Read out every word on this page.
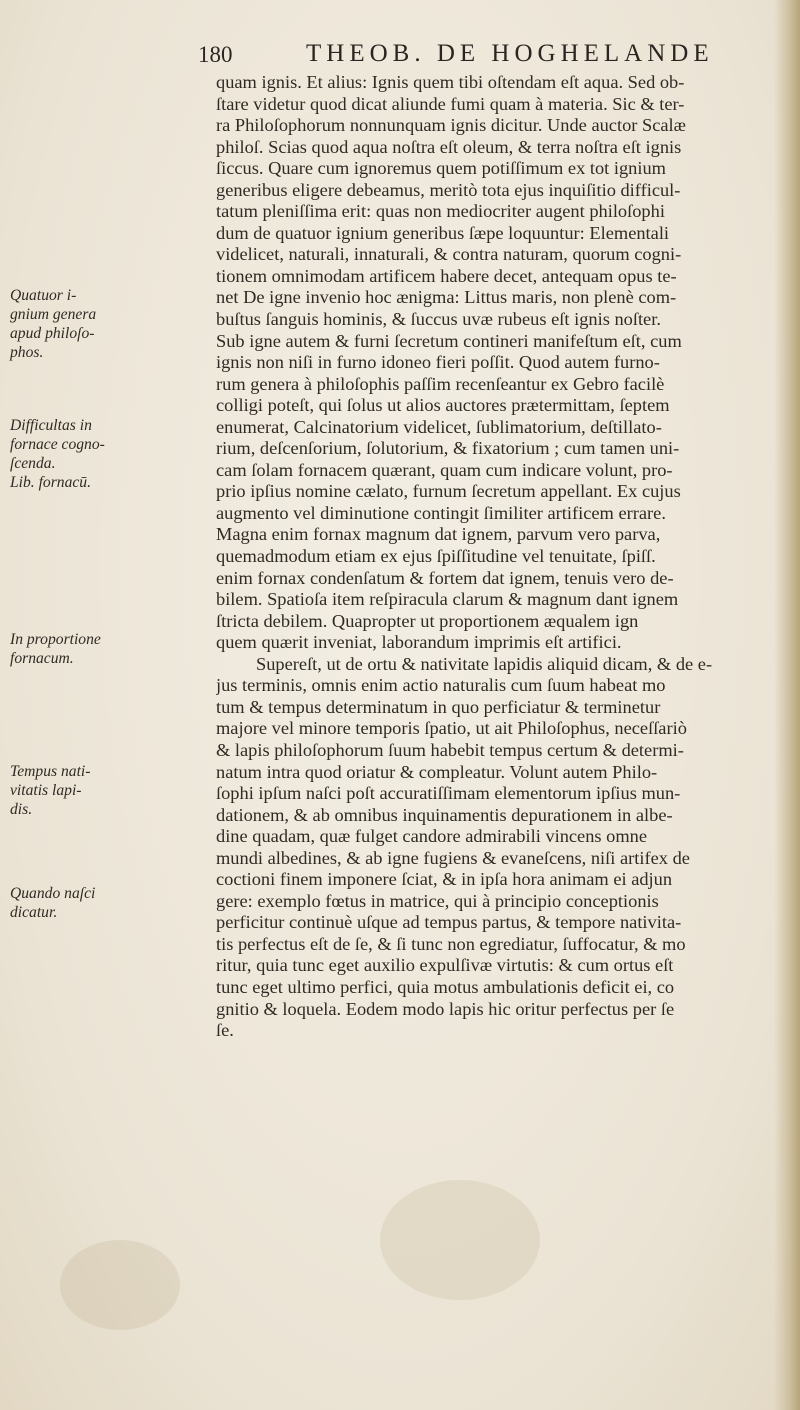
180	THEOB. DE HOGHELANDE
quam ignis. Et alius: Ignis quem tibi oſtendam eſt aqua. Sed ob-
ſtare videtur quod dicat aliunde fumi quam à materia. Sic & ter-
ra Philoſophorum nonnunquam ignis dicitur. Unde auctor Scalæ
philoſ. Scias quod aqua noſtra eſt oleum, & terra noſtra eſt ignis
ſiccus. Quare cum ignoremus quem potiſſimum ex tot ignium
generibus eligere debeamus, meritò tota ejus inquiſitio difficul-
tatum pleniſſima erit: quas non mediocriter augent philoſophi
dum de quatuor ignium generibus ſæpe loquuntur: Elementali
videlicet, naturali, innaturali, & contra naturam, quorum cogni-
tionem omnimodam artificem habere decet, antequam opus te-
net De igne invenio hoc ænigma: Littus maris, non plenè com-
buſtus ſanguis hominis, & ſuccus uvæ rubeus eſt ignis noſter.
Sub igne autem & furni ſecretum contineri manifeſtum eſt, cum
ignis non niſi in furno idoneo fieri poſſit. Quod autem furno-
rum genera à philoſophis paſſim recenſeantur ex Gebro facilè
colligi poteſt, qui ſolus ut alios auctores prætermittam, ſeptem
enumerat, Calcinatorium videlicet, ſublimatorium, deſtillato-
rium, deſcenſorium, ſolutorium, & fixatorium ; cum tamen uni-
cam ſolam fornacem quærant, quam cum indicare volunt, pro-
prio ipſius nomine cælato, furnum ſecretum appellant. Ex cujus
augmento vel diminutione contingit ſimiliter artificem errare.
Magna enim fornax magnum dat ignem, parvum vero parva,
quemadmodum etiam ex ejus ſpiſſitudine vel tenuitate, ſpiſſ.
enim fornax condenſatum & fortem dat ignem, tenuis vero de-
bilem. Spatioſa item reſpiracula clarum & magnum dant ignem
ſtricta debilem. Quapropter ut proportionem æqualem ign
quem quærit inveniat, laborandum imprimis eſt artifici.
Supereſt, ut de ortu & nativitate lapidis aliquid dicam, & de e-
jus terminis, omnis enim actio naturalis cum ſuum habeat mo
tum & tempus determinatum in quo perficiatur & terminetur
majore vel minore temporis ſpatio, ut ait Philoſophus, neceſſariò
& lapis philoſophorum ſuum habebit tempus certum & determi-
natum intra quod oriatur & compleatur. Volunt autem Philo-
ſophi ipſum naſci poſt accuratiſſimam elementorum ipſius mun-
dationem, & ab omnibus inquinamentis depurationem in albe-
dine quadam, quæ fulget candore admirabili vincens omne
mundi albedines, & ab igne fugiens & evaneſcens, niſi artifex de
coctioni finem imponere ſciat, & in ipſa hora animam ei adjun
gere: exemplo fœtus in matrice, qui à principio conceptionis
perficitur continuè uſque ad tempus partus, & tempore nativita-
tis perfectus eſt de ſe, & ſi tunc non egrediatur, ſuffocatur, & mo
ritur, quia tunc eget auxilio expulſivæ virtutis: & cum ortus eſt
tunc eget ultimo perfici, quia motus ambulationis deficit ei, co
gnitio & loquela. Eodem modo lapis hic oritur perfectus per ſe
ſe.
Quatuor i-
gnium genera
apud philoſo-
phos.
Difficultas in
fornace cogno-
ſcenda.
Lib. fornacū.
In proportione
fornacum.
Tempus nati-
vitatis lapi-
dis.
Quando naſci
dicatur.
